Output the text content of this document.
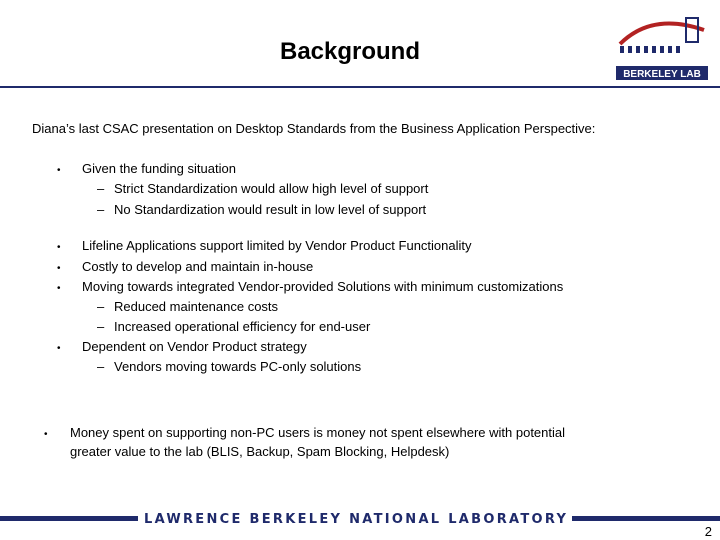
Background
BERKELEY LAB
Diana’s last CSAC presentation on Desktop Standards from the Business Application Perspective:
• Given the funding situation
– Strict Standardization would allow high level of support
– No Standardization would result in low level of support
• Lifeline Applications support limited by Vendor Product Functionality
• Costly to develop and maintain in-house
• Moving towards integrated Vendor-provided Solutions with minimum customizations
– Reduced maintenance costs
– Increased operational efficiency for end-user
• Dependent on Vendor Product strategy
– Vendors moving towards PC-only solutions
• Money spent on supporting non-PC users is money not spent elsewhere with potential
greater value to the lab (BLIS, Backup, Spam Blocking, Helpdesk)
LAWRENCE BERKELEY NATIONAL LABORATORY
2
